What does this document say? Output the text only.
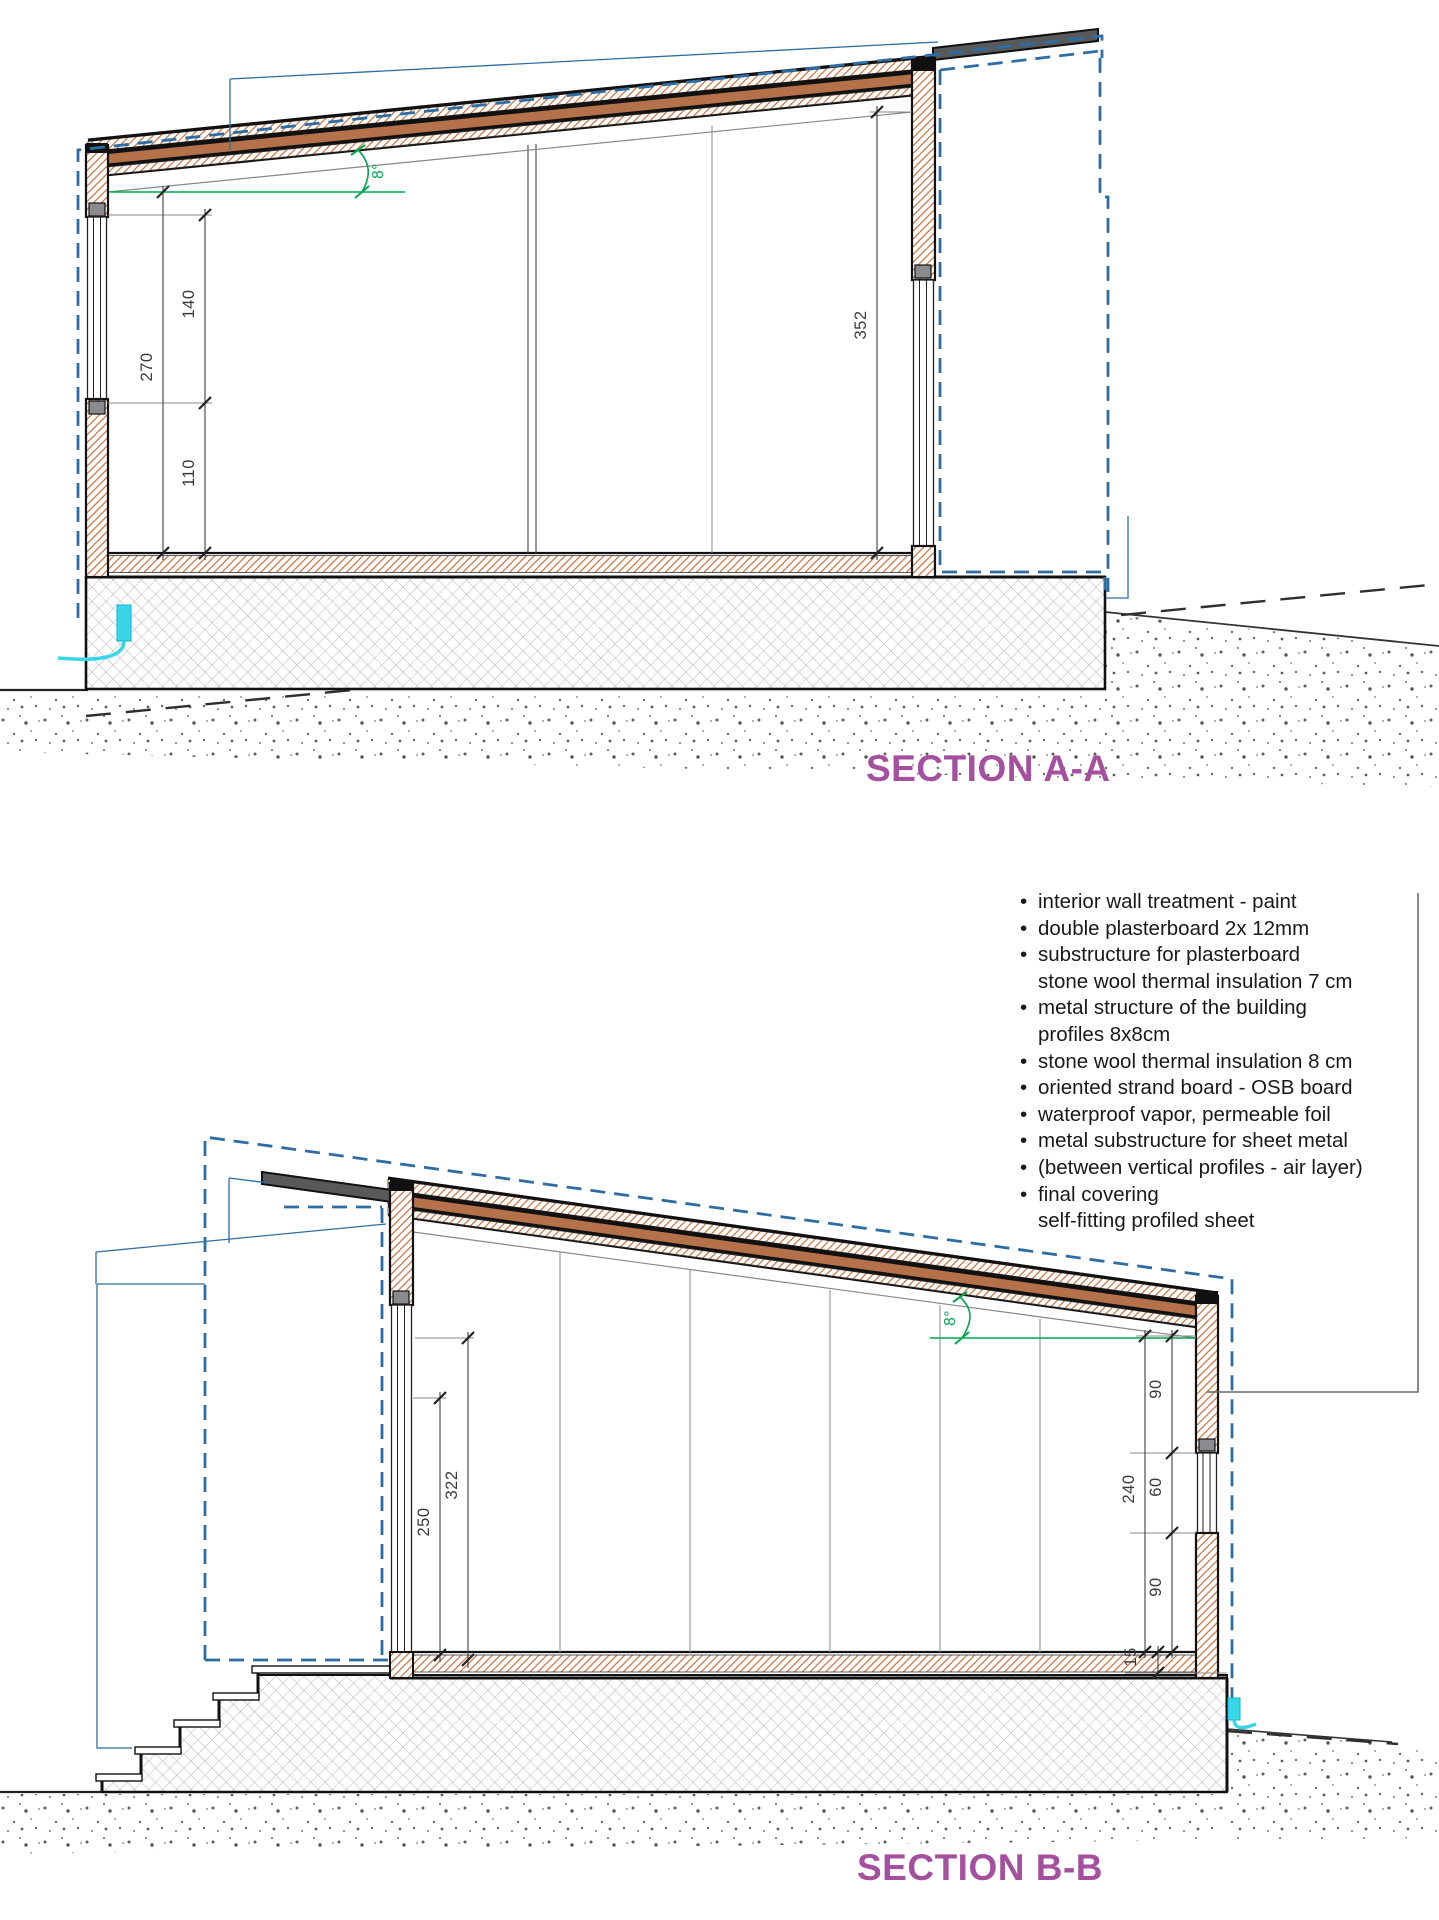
8°
270
140
110
352
8°
250
322	240
90
60
90
15
SECTION A-A
SECTION B-B
• interior wall treatment - paint
• double plasterboard 2x 12mm
• substructure for plasterboard
stone wool thermal insulation 7 cm
• metal structure of the building
profiles 8x8cm
• stone wool thermal insulation 8 cm
• oriented strand board - OSB board
• waterproof vapor, permeable foil
• metal substructure for sheet metal
• (between vertical profiles - air layer)
• final covering
self-fitting profiled sheet
